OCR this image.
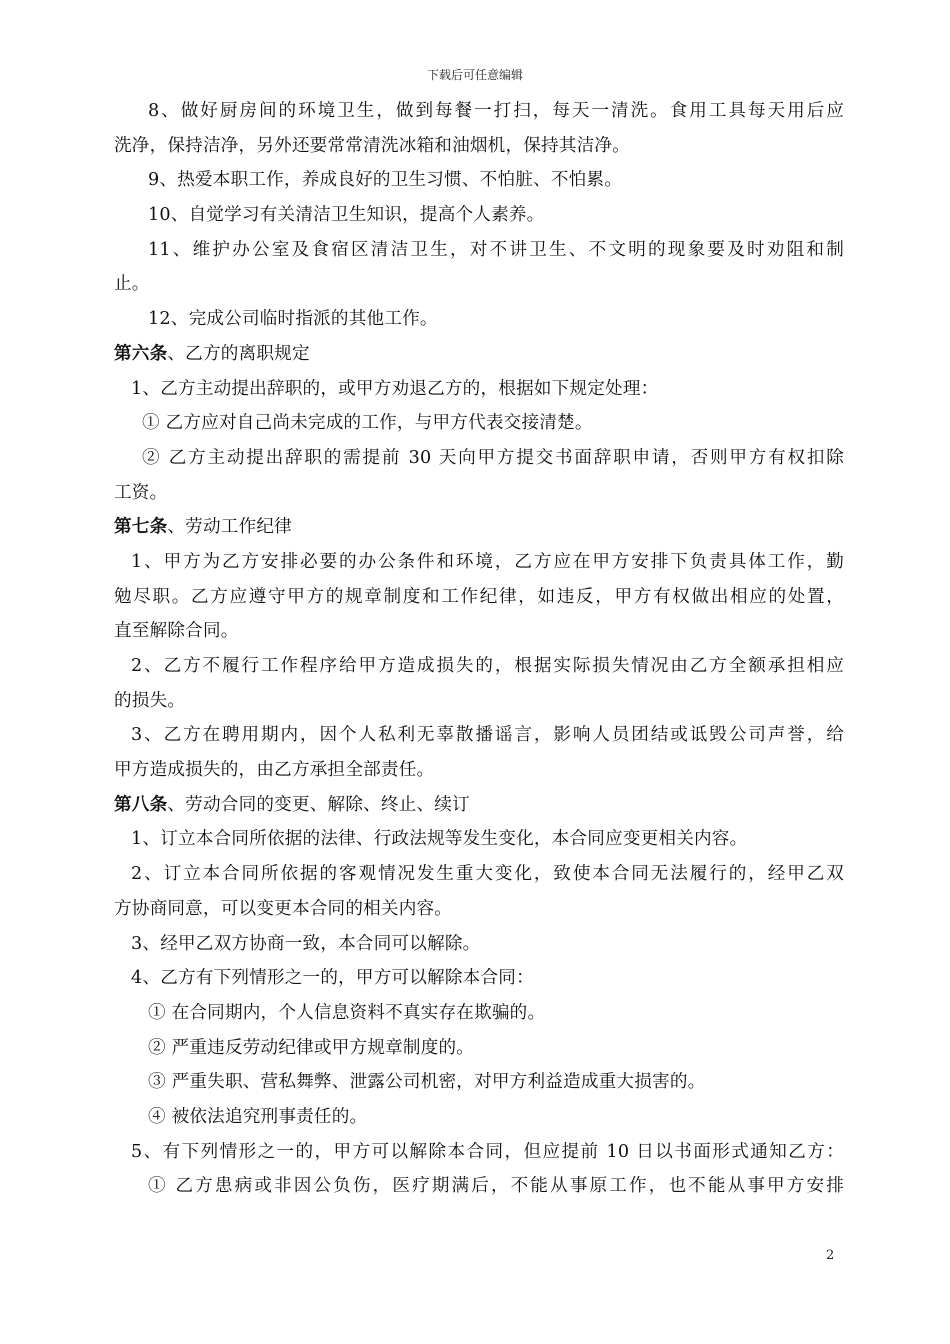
下载后可任意编辑
8、做好厨房间的环境卫生，做到每餐一打扫，每天一清洗。食用工具每天用后应
洗净，保持洁净，另外还要常常清洗冰箱和油烟机，保持其洁净。
9、热爱本职工作，养成良好的卫生习惯、不怕脏、不怕累。
10、自觉学习有关清洁卫生知识，提高个人素养。
11、维护办公室及食宿区清洁卫生，对不讲卫生、不文明的现象要及时劝阻和制
止。
12、完成公司临时指派的其他工作。
第六条、乙方的离职规定
1、乙方主动提出辞职的，或甲方劝退乙方的，根据如下规定处理：
① 乙方应对自己尚未完成的工作，与甲方代表交接清楚。
② 乙方主动提出辞职的需提前 30 天向甲方提交书面辞职申请，否则甲方有权扣除
工资。
第七条、劳动工作纪律
1、甲方为乙方安排必要的办公条件和环境，乙方应在甲方安排下负责具体工作，勤
勉尽职。乙方应遵守甲方的规章制度和工作纪律，如违反，甲方有权做出相应的处置，
直至解除合同。
2、乙方不履行工作程序给甲方造成损失的，根据实际损失情况由乙方全额承担相应
的损失。
3、乙方在聘用期内，因个人私利无辜散播谣言，影响人员团结或诋毁公司声誉，给
甲方造成损失的，由乙方承担全部责任。
第八条、劳动合同的变更、解除、终止、续订
1、订立本合同所依据的法律、行政法规等发生变化，本合同应变更相关内容。
2、订立本合同所依据的客观情况发生重大变化，致使本合同无法履行的，经甲乙双
方协商同意，可以变更本合同的相关内容。
3、经甲乙双方协商一致，本合同可以解除。
4、乙方有下列情形之一的，甲方可以解除本合同：
① 在合同期内，个人信息资料不真实存在欺骗的。
② 严重违反劳动纪律或甲方规章制度的。
③ 严重失职、营私舞弊、泄露公司机密，对甲方利益造成重大损害的。
④ 被依法追究刑事责任的。
5、有下列情形之一的，甲方可以解除本合同，但应提前 10 日以书面形式通知乙方：
① 乙方患病或非因公负伤，医疗期满后，不能从事原工作，也不能从事甲方安排
2
